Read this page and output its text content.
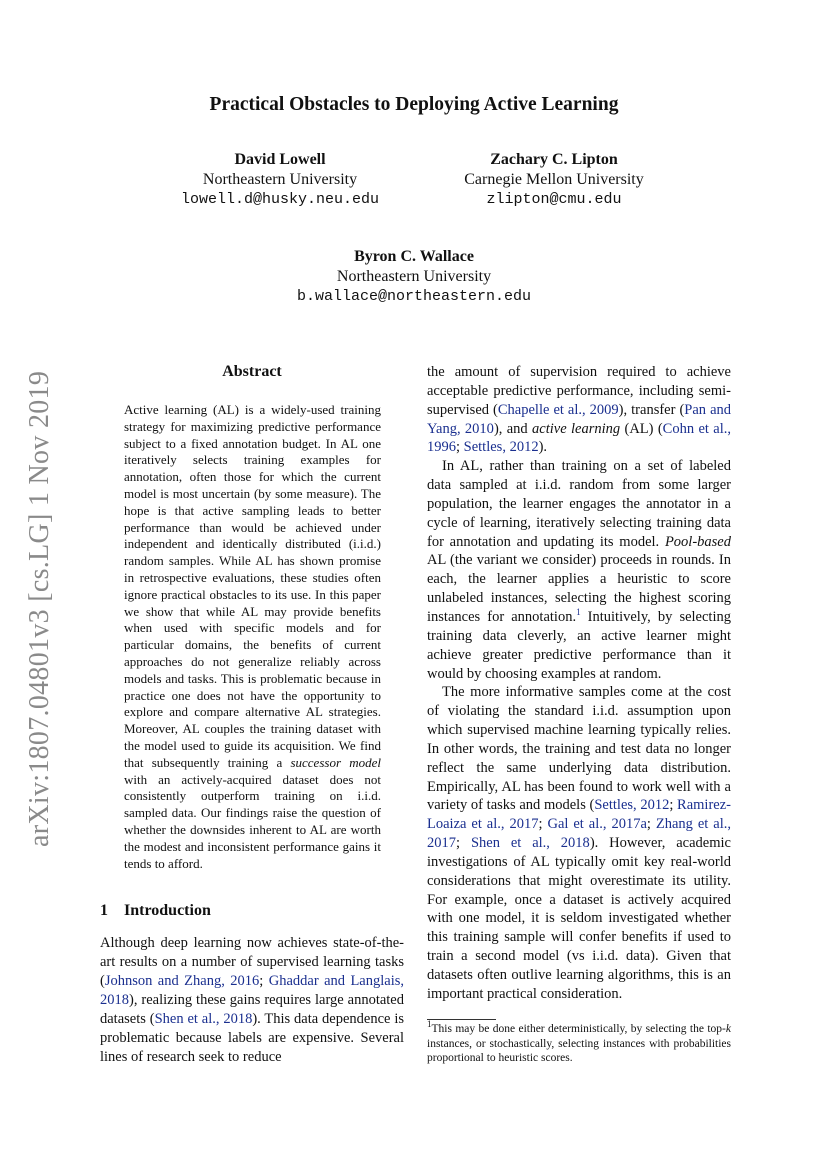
arXiv:1807.04801v3 [cs.LG] 1 Nov 2019
Practical Obstacles to Deploying Active Learning
David Lowell
Northeastern University
lowell.d@husky.neu.edu
Zachary C. Lipton
Carnegie Mellon University
zlipton@cmu.edu
Byron C. Wallace
Northeastern University
b.wallace@northeastern.edu
Abstract
Active learning (AL) is a widely-used training strategy for maximizing predictive performance subject to a fixed annotation budget. In AL one iteratively selects training examples for annotation, often those for which the current model is most uncertain (by some measure). The hope is that active sampling leads to better performance than would be achieved under independent and identically distributed (i.i.d.) random samples. While AL has shown promise in retrospective evaluations, these studies often ignore practical obstacles to its use. In this paper we show that while AL may provide benefits when used with specific models and for particular domains, the benefits of current approaches do not generalize reliably across models and tasks. This is problematic because in practice one does not have the opportunity to explore and compare alternative AL strategies. Moreover, AL couples the training dataset with the model used to guide its acquisition. We find that subsequently training a successor model with an actively-acquired dataset does not consistently outperform training on i.i.d. sampled data. Our findings raise the question of whether the downsides inherent to AL are worth the modest and inconsistent performance gains it tends to afford.
1 Introduction
Although deep learning now achieves state-of-the-art results on a number of supervised learning tasks (Johnson and Zhang, 2016; Ghaddar and Langlais, 2018), realizing these gains requires large annotated datasets (Shen et al., 2018). This data dependence is problematic because labels are expensive. Several lines of research seek to reduce

the amount of supervision required to achieve acceptable predictive performance, including semi-supervised (Chapelle et al., 2009), transfer (Pan and Yang, 2010), and active learning (AL) (Cohn et al., 1996; Settles, 2012).

In AL, rather than training on a set of labeled data sampled at i.i.d. random from some larger population, the learner engages the annotator in a cycle of learning, iteratively selecting training data for annotation and updating its model. Pool-based AL (the variant we consider) proceeds in rounds. In each, the learner applies a heuristic to score unlabeled instances, selecting the highest scoring instances for annotation.$^1$ Intuitively, by selecting training data cleverly, an active learner might achieve greater predictive performance than it would by choosing examples at random.

The more informative samples come at the cost of violating the standard i.i.d. assumption upon which supervised machine learning typically relies. In other words, the training and test data no longer reflect the same underlying data distribution. Empirically, AL has been found to work well with a variety of tasks and models (Settles, 2012; Ramirez-Loaiza et al., 2017; Gal et al., 2017a; Zhang et al., 2017; Shen et al., 2018). However, academic investigations of AL typically omit key real-world considerations that might overestimate its utility. For example, once a dataset is actively acquired with one model, it is seldom investigated whether this training sample will confer benefits if used to train a second model (vs i.i.d. data). Given that datasets often outlive learning algorithms, this is an important practical consideration.

$^1$This may be done either deterministically, by selecting the top-k instances, or stochastically, selecting instances with probabilities proportional to heuristic scores.
